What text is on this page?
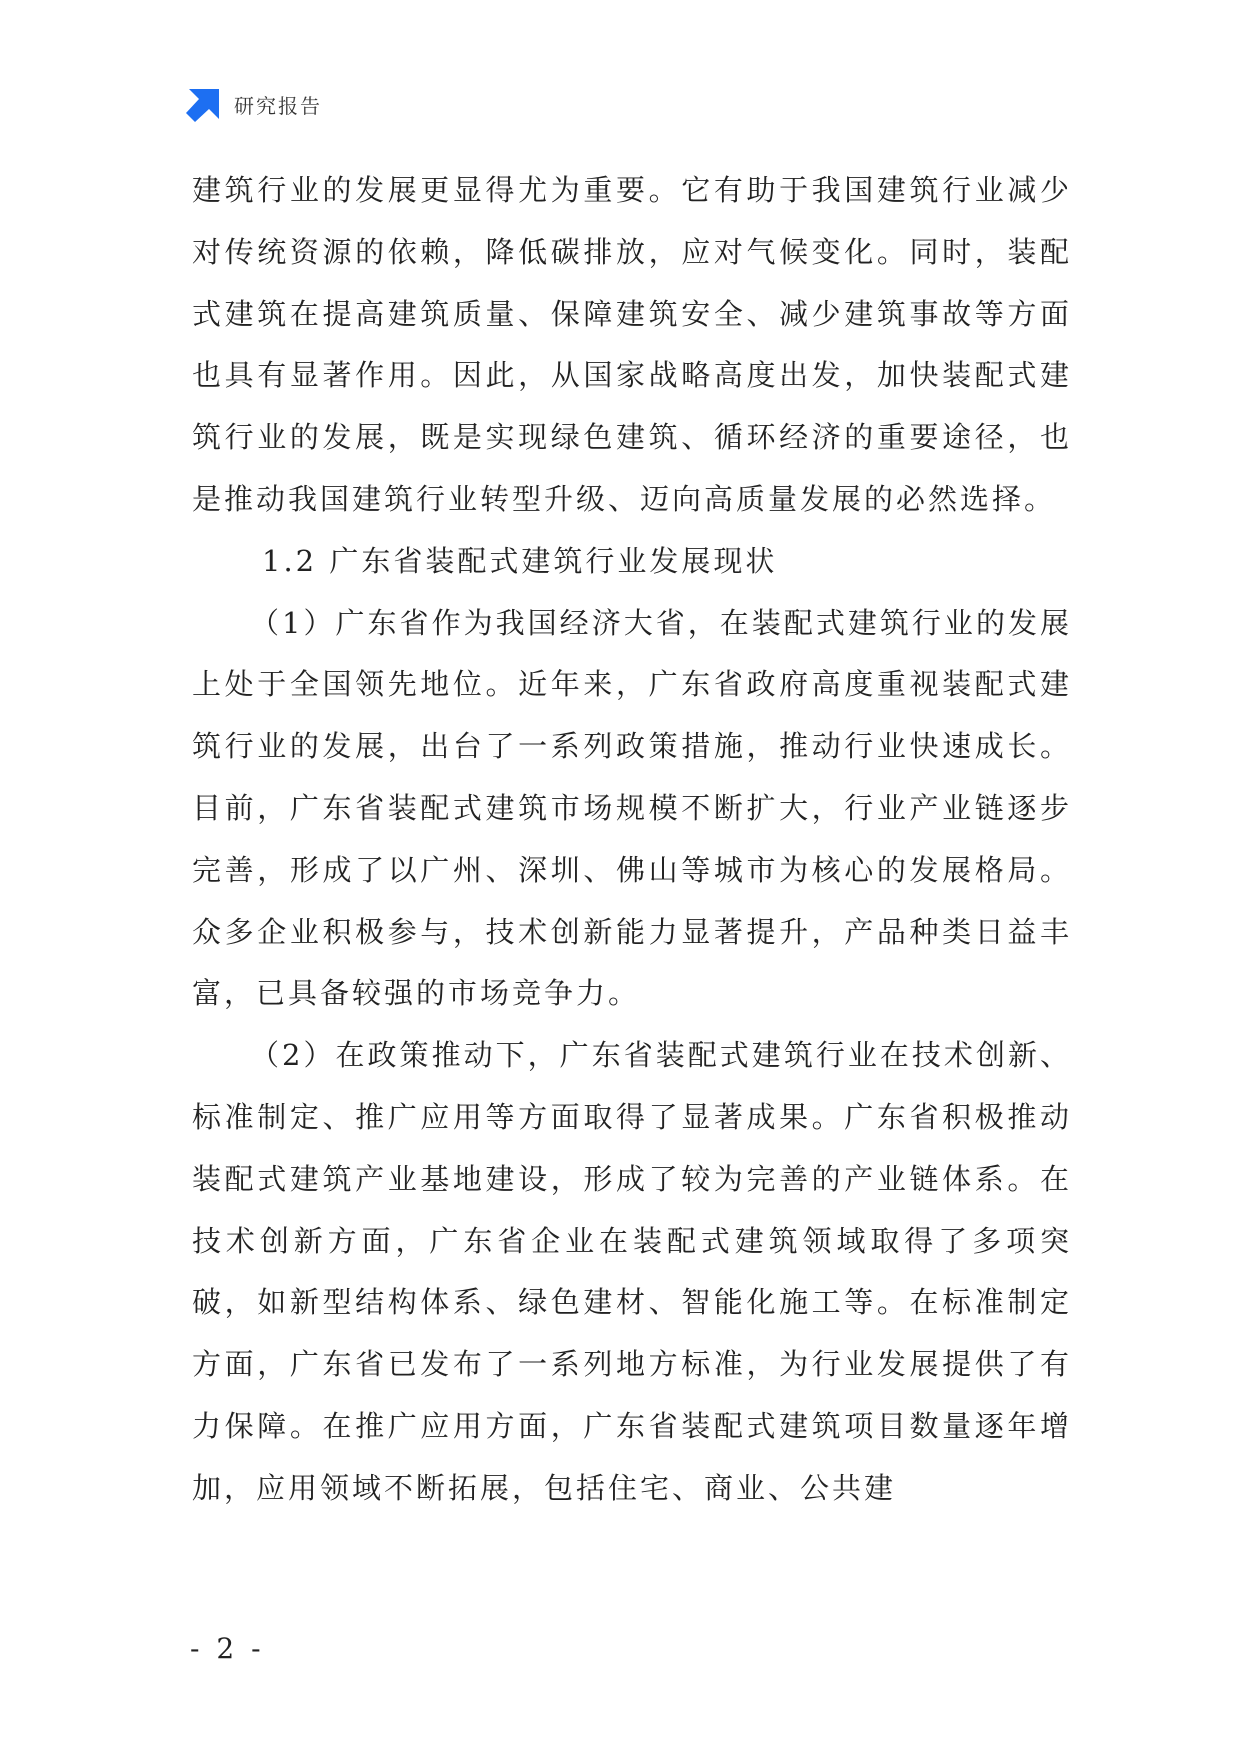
研究报告

建筑行业的发展更显得尤为重要。它有助于我国建筑行业减少对传统资源的依赖，降低碳排放，应对气候变化。同时，装配式建筑在提高建筑质量、保障建筑安全、减少建筑事故等方面也具有显著作用。因此，从国家战略高度出发，加快装配式建筑行业的发展，既是实现绿色建筑、循环经济的重要途径，也是推动我国建筑行业转型升级、迈向高质量发展的必然选择。

1.2 广东省装配式建筑行业发展现状

（1）广东省作为我国经济大省，在装配式建筑行业的发展上处于全国领先地位。近年来，广东省政府高度重视装配式建筑行业的发展，出台了一系列政策措施，推动行业快速成长。目前，广东省装配式建筑市场规模不断扩大，行业产业链逐步完善，形成了以广州、深圳、佛山等城市为核心的发展格局。众多企业积极参与，技术创新能力显著提升，产品种类日益丰富，已具备较强的市场竞争力。

（2）在政策推动下，广东省装配式建筑行业在技术创新、标准制定、推广应用等方面取得了显著成果。广东省积极推动装配式建筑产业基地建设，形成了较为完善的产业链体系。在技术创新方面，广东省企业在装配式建筑领域取得了多项突破，如新型结构体系、绿色建材、智能化施工等。在标准制定方面，广东省已发布了一系列地方标准，为行业发展提供了有力保障。在推广应用方面，广东省装配式建筑项目数量逐年增加，应用领域不断拓展，包括住宅、商业、公共建

- 2 -
